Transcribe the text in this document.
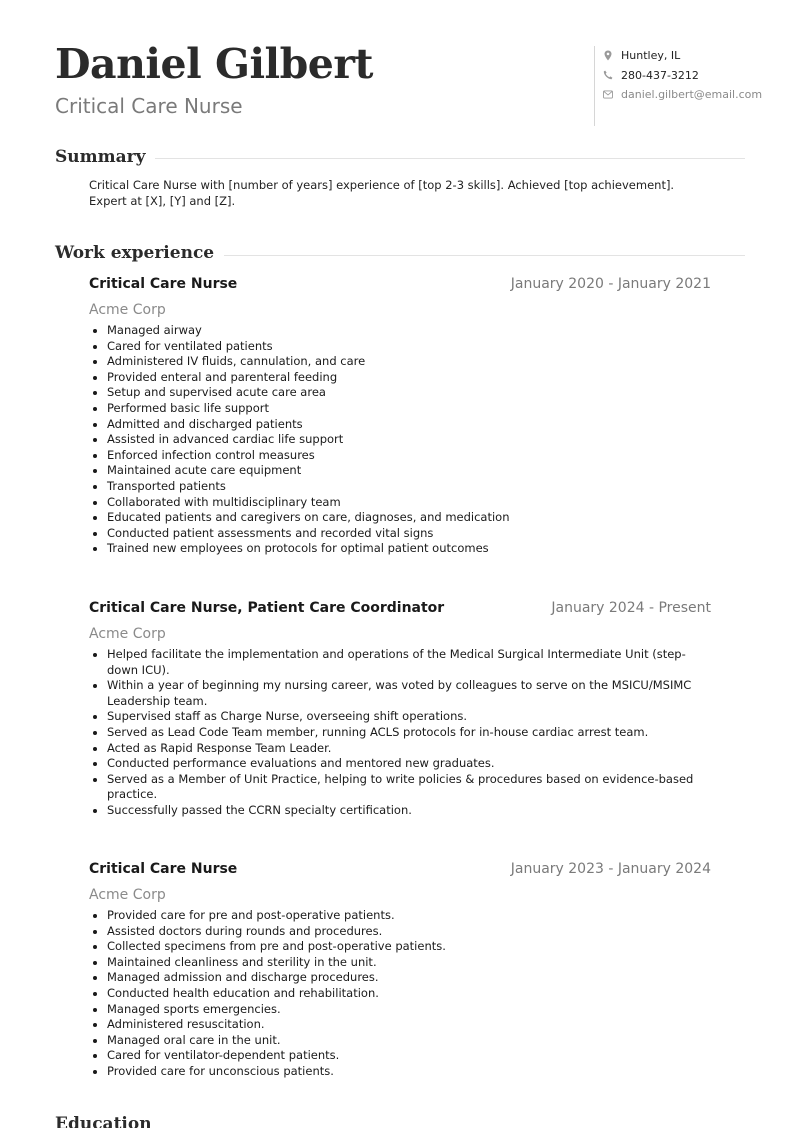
Daniel Gilbert
Critical Care Nurse
Huntley, IL
280-437-3212
daniel.gilbert@email.com
Summary
Critical Care Nurse with [number of years] experience of [top 2-3 skills]. Achieved [top achievement]. Expert at [X], [Y] and [Z].
Work experience
Critical Care Nurse	January 2020 - January 2021
Acme Corp
• Managed airway
• Cared for ventilated patients
• Administered IV fluids, cannulation, and care
• Provided enteral and parenteral feeding
• Setup and supervised acute care area
• Performed basic life support
• Admitted and discharged patients
• Assisted in advanced cardiac life support
• Enforced infection control measures
• Maintained acute care equipment
• Transported patients
• Collaborated with multidisciplinary team
• Educated patients and caregivers on care, diagnoses, and medication
• Conducted patient assessments and recorded vital signs
• Trained new employees on protocols for optimal patient outcomes
Critical Care Nurse, Patient Care Coordinator	January 2024 - Present
Acme Corp
• Helped facilitate the implementation and operations of the Medical Surgical Intermediate Unit (step-down ICU).
• Within a year of beginning my nursing career, was voted by colleagues to serve on the MSICU/MSIMC Leadership team.
• Supervised staff as Charge Nurse, overseeing shift operations.
• Served as Lead Code Team member, running ACLS protocols for in-house cardiac arrest team.
• Acted as Rapid Response Team Leader.
• Conducted performance evaluations and mentored new graduates.
• Served as a Member of Unit Practice, helping to write policies & procedures based on evidence-based practice.
• Successfully passed the CCRN specialty certification.
Critical Care Nurse	January 2023 - January 2024
Acme Corp
• Provided care for pre and post-operative patients.
• Assisted doctors during rounds and procedures.
• Collected specimens from pre and post-operative patients.
• Maintained cleanliness and sterility in the unit.
• Managed admission and discharge procedures.
• Conducted health education and rehabilitation.
• Managed sports emergencies.
• Administered resuscitation.
• Managed oral care in the unit.
• Cared for ventilator-dependent patients.
• Provided care for unconscious patients.
Education
